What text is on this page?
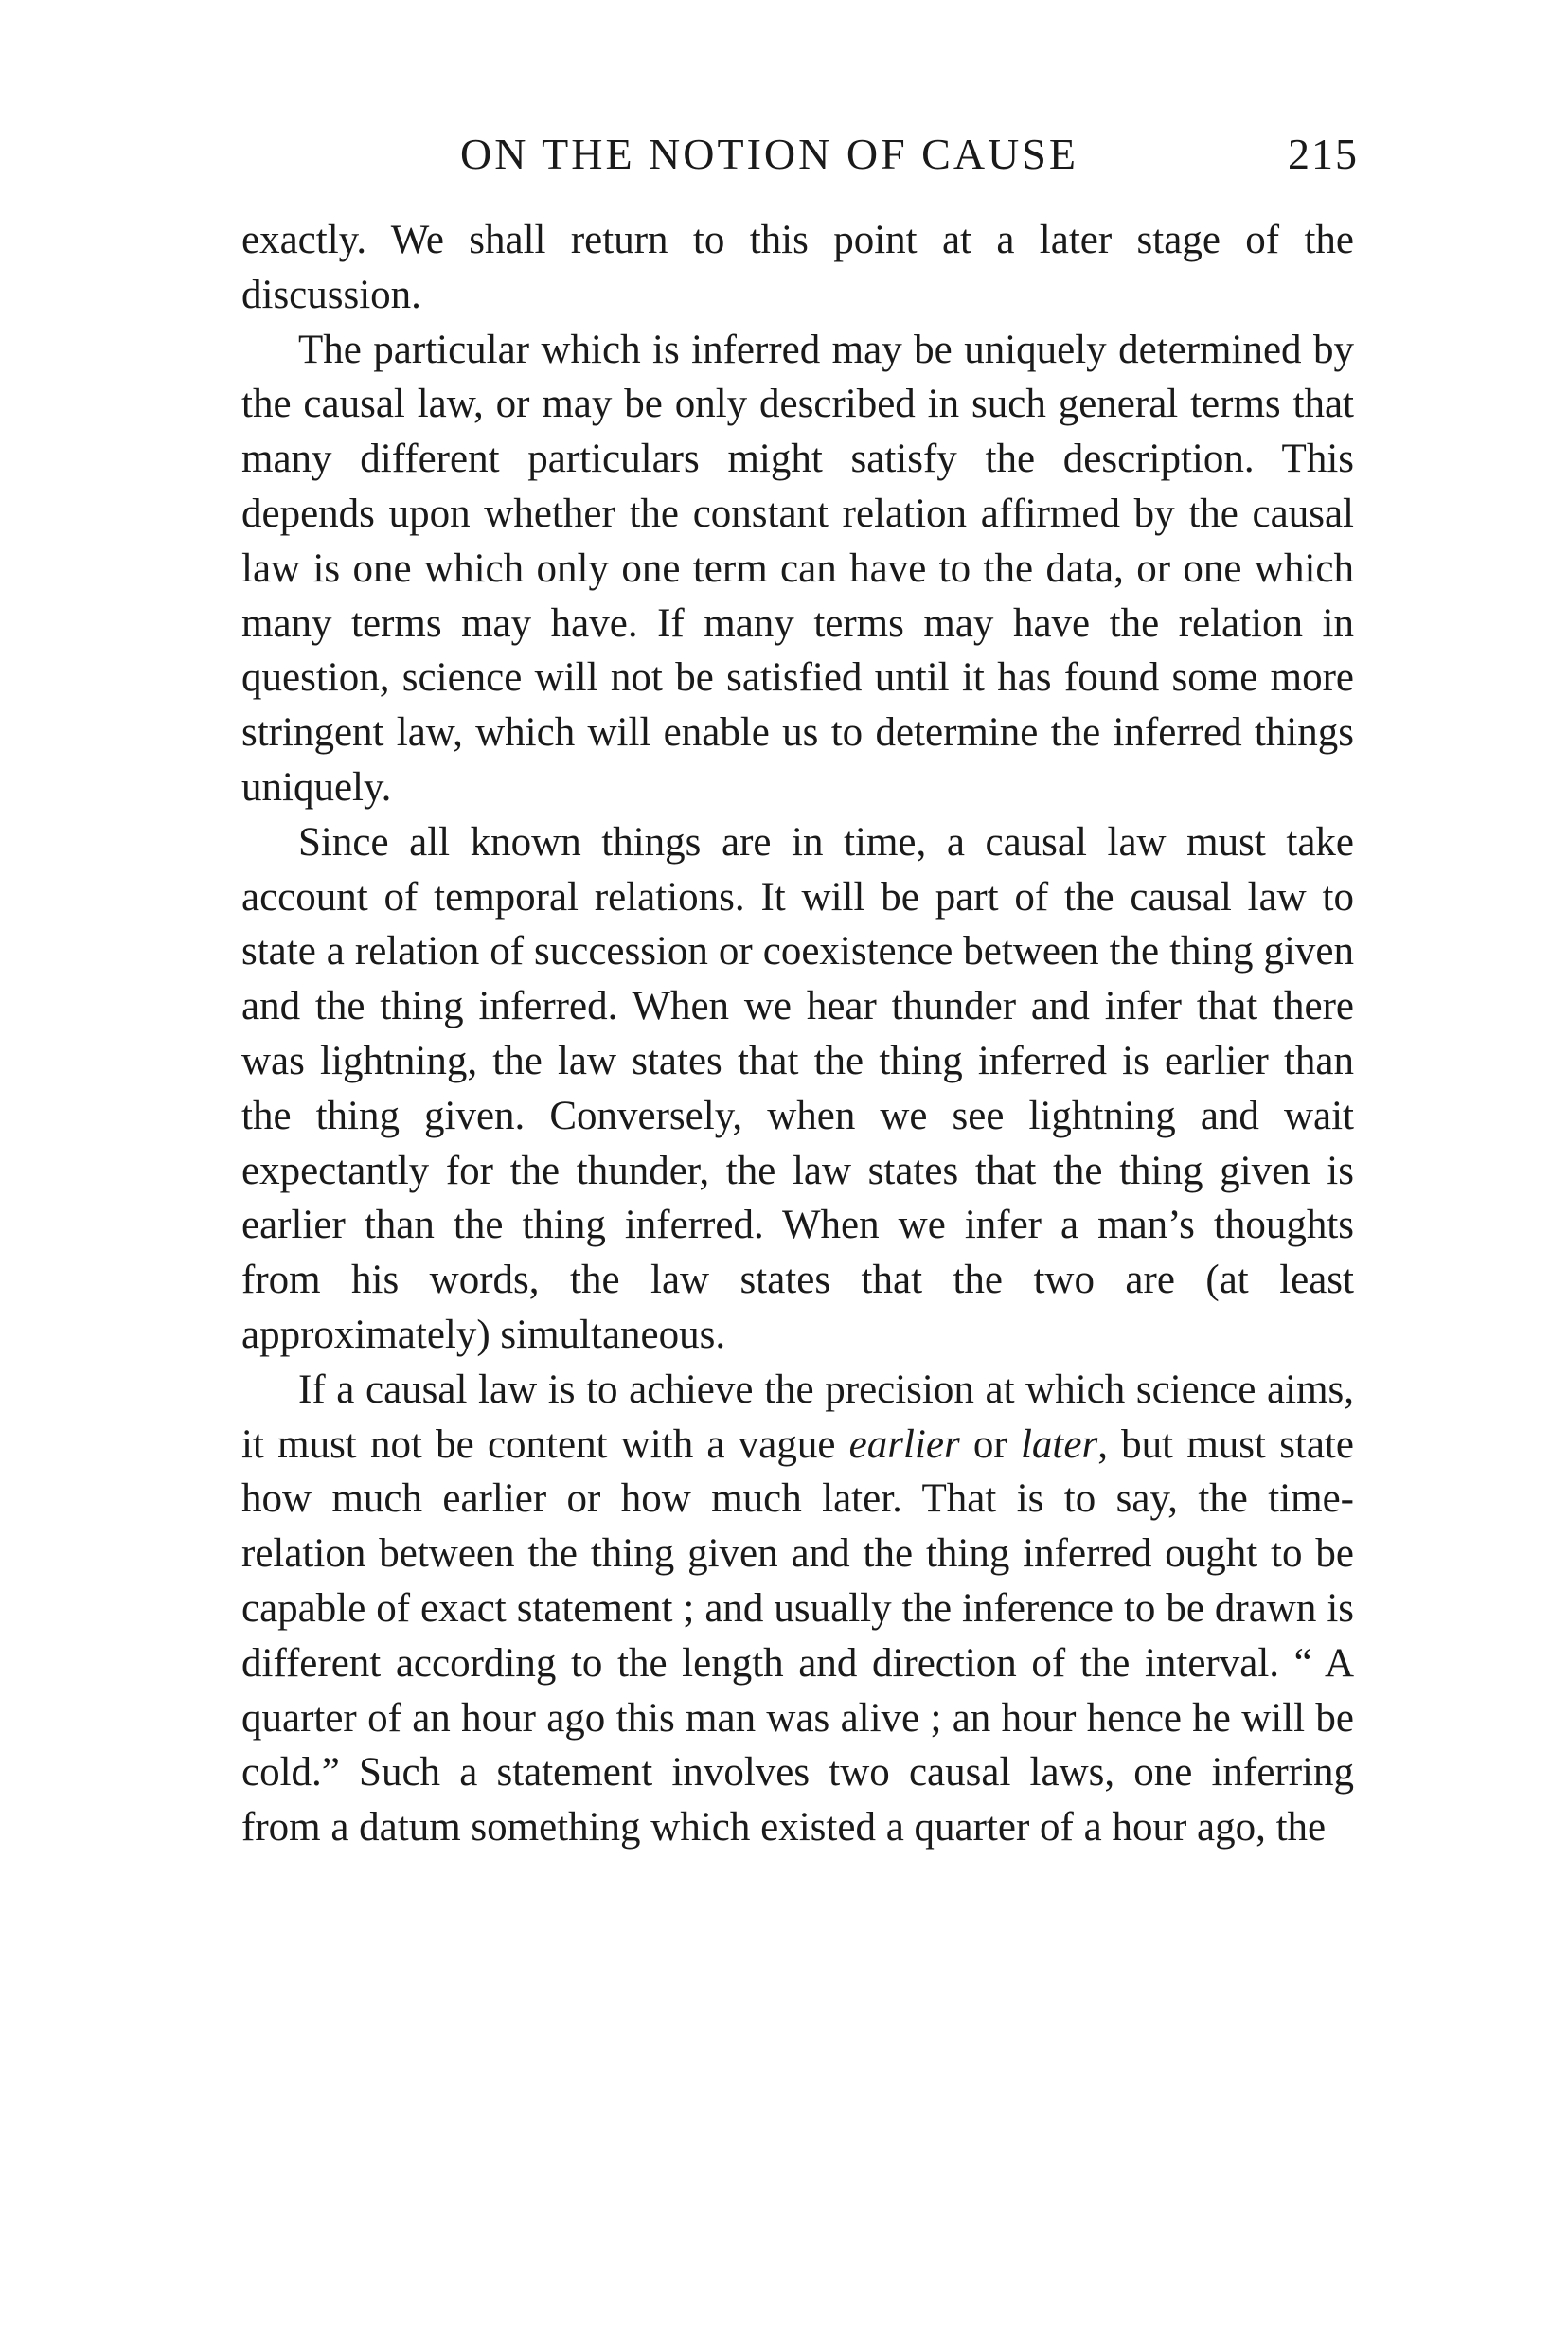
ON THE NOTION OF CAUSE	215

exactly. We shall return to this point at a later stage of the discussion.

The particular which is inferred may be uniquely determined by the causal law, or may be only described in such general terms that many different particulars might satisfy the description. This depends upon whether the constant relation affirmed by the causal law is one which only one term can have to the data, or one which many terms may have. If many terms may have the relation in question, science will not be satisfied until it has found some more stringent law, which will enable us to determine the inferred things uniquely.

Since all known things are in time, a causal law must take account of temporal relations. It will be part of the causal law to state a relation of succession or coexistence between the thing given and the thing inferred. When we hear thunder and infer that there was lightning, the law states that the thing inferred is earlier than the thing given. Conversely, when we see lightning and wait expectantly for the thunder, the law states that the thing given is earlier than the thing inferred. When we infer a man’s thoughts from his words, the law states that the two are (at least approximately) simultaneous.

If a causal law is to achieve the precision at which science aims, it must not be content with a vague earlier or later, but must state how much earlier or how much later. That is to say, the time-relation between the thing given and the thing inferred ought to be capable of exact statement ; and usually the inference to be drawn is different according to the length and direction of the interval. “ A quarter of an hour ago this man was alive ; an hour hence he will be cold.” Such a statement involves two causal laws, one inferring from a datum something which existed a quarter of a hour ago, the
